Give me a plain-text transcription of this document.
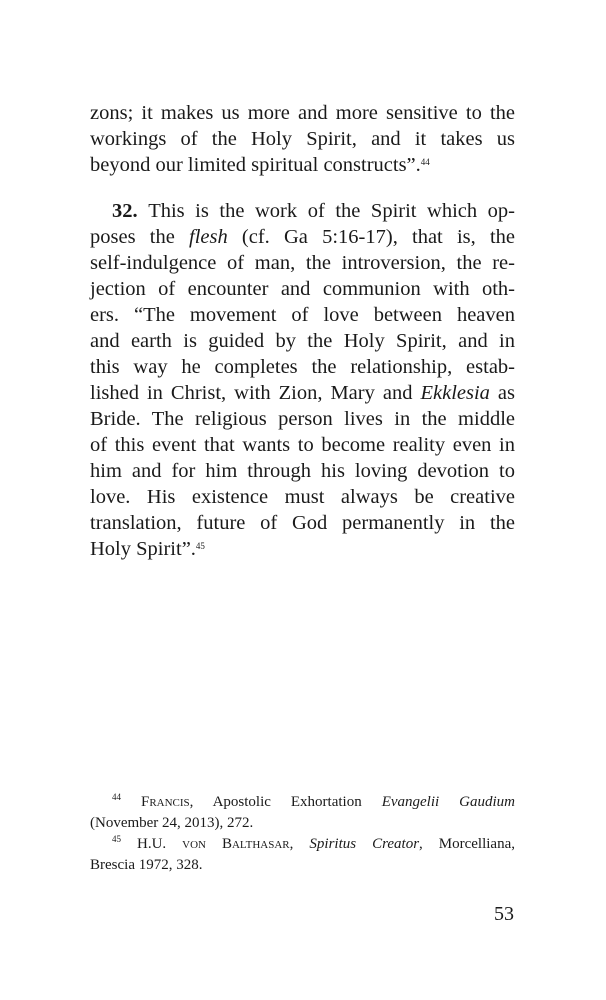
zons; it makes us more and more sensitive to the
workings of the Holy Spirit, and it takes us
beyond our limited spiritual constructs”.$^{44}$
32. This is the work of the Spirit which op-
poses the flesh (cf. Ga 5:16-17), that is, the
self-indulgence of man, the introversion, the re-
jection of encounter and communion with oth-
ers. “The movement of love between heaven
and earth is guided by the Holy Spirit, and in
this way he completes the relationship, estab-
lished in Christ, with Zion, Mary and Ekklesia as
Bride. The religious person lives in the middle
of this event that wants to become reality even in
him and for him through his loving devotion to
love. His existence must always be creative
translation, future of God permanently in the
Holy Spirit”.$^{45}$
$^{44}$ Francis, Apostolic Exhortation Evangelii Gaudium
(November 24, 2013), 272.
$^{45}$ H.U. von Balthasar, Spiritus Creator, Morcelliana,
Brescia 1972, 328.
53
